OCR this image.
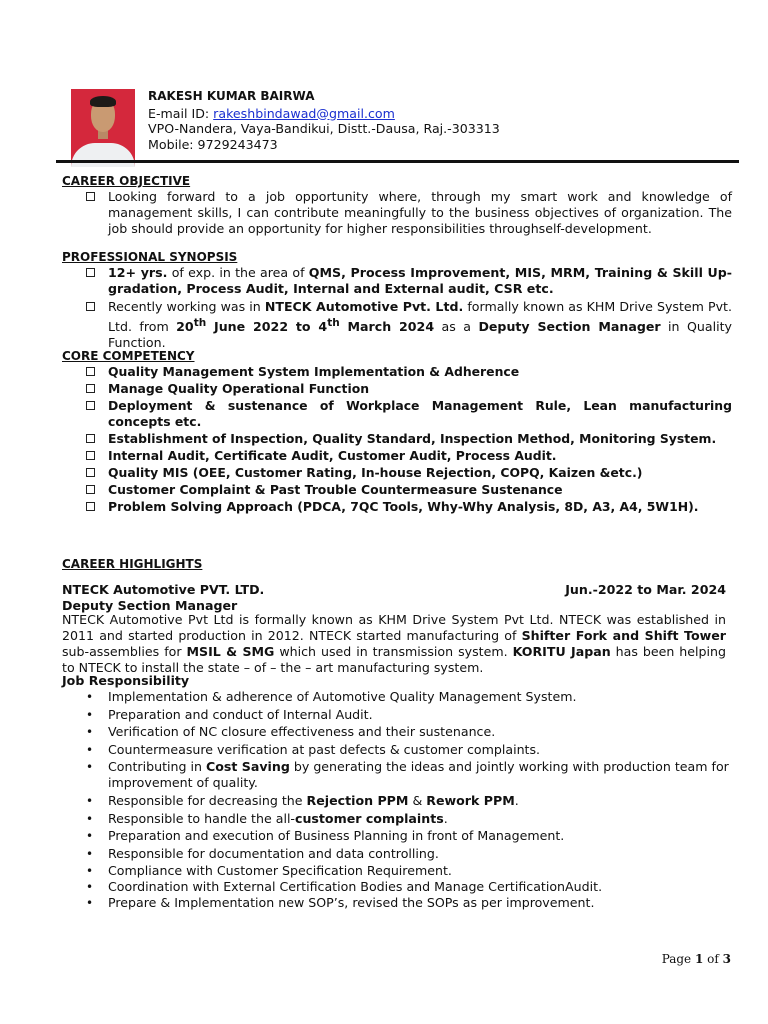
RAKESH KUMAR BAIRWA
E-mail ID: rakeshbindawad@gmail.com
VPO-Nandera, Vaya-Bandikui, Distt.-Dausa, Raj.-303313
Mobile: 9729243473
CAREER OBJECTIVE
Looking forward to a job opportunity where, through my smart work and knowledge of management skills, I can contribute meaningfully to the business objectives of organization. The job should provide an opportunity for higher responsibilities throughself-development.
PROFESSIONAL SYNOPSIS
12+ yrs. of exp. in the area of QMS, Process Improvement, MIS, MRM, Training & Skill Up-gradation, Process Audit, Internal and External audit, CSR etc.
Recently working was in NTECK Automotive Pvt. Ltd. formally known as KHM Drive System Pvt. Ltd. from 20th June 2022 to 4th March 2024 as a Deputy Section Manager in Quality Function.
CORE COMPETENCY
Quality Management System Implementation & Adherence
Manage Quality Operational Function
Deployment & sustenance of Workplace Management Rule, Lean manufacturing concepts etc.
Establishment of Inspection, Quality Standard, Inspection Method, Monitoring System.
Internal Audit, Certificate Audit, Customer Audit, Process Audit.
Quality MIS (OEE, Customer Rating, In-house Rejection, COPQ, Kaizen &etc.)
Customer Complaint & Past Trouble Countermeasure Sustenance
Problem Solving Approach (PDCA, 7QC Tools, Why-Why Analysis, 8D, A3, A4, 5W1H).
CAREER HIGHLIGHTS
NTECK Automotive PVT. LTD.	Jun.-2022 to Mar. 2024
Deputy Section Manager
NTECK Automotive Pvt Ltd is formally known as KHM Drive System Pvt Ltd. NTECK was established in 2011 and started production in 2012. NTECK started manufacturing of Shifter Fork and Shift Tower sub-assemblies for MSIL & SMG which used in transmission system. KORITU Japan has been helping to NTECK to install the state – of – the – art manufacturing system.
Job Responsibility
• Implementation & adherence of Automotive Quality Management System.
• Preparation and conduct of Internal Audit.
• Verification of NC closure effectiveness and their sustenance.
• Countermeasure verification at past defects & customer complaints.
• Contributing in Cost Saving by generating the ideas and jointly working with production team for improvement of quality.
• Responsible for decreasing the Rejection PPM & Rework PPM.
• Responsible to handle the all-customer complaints.
• Preparation and execution of Business Planning in front of Management.
• Responsible for documentation and data controlling.
• Compliance with Customer Specification Requirement.
• Coordination with External Certification Bodies and Manage CertificationAudit.
• Prepare & Implementation new SOP’s, revised the SOPs as per improvement.
Page 1 of 3
